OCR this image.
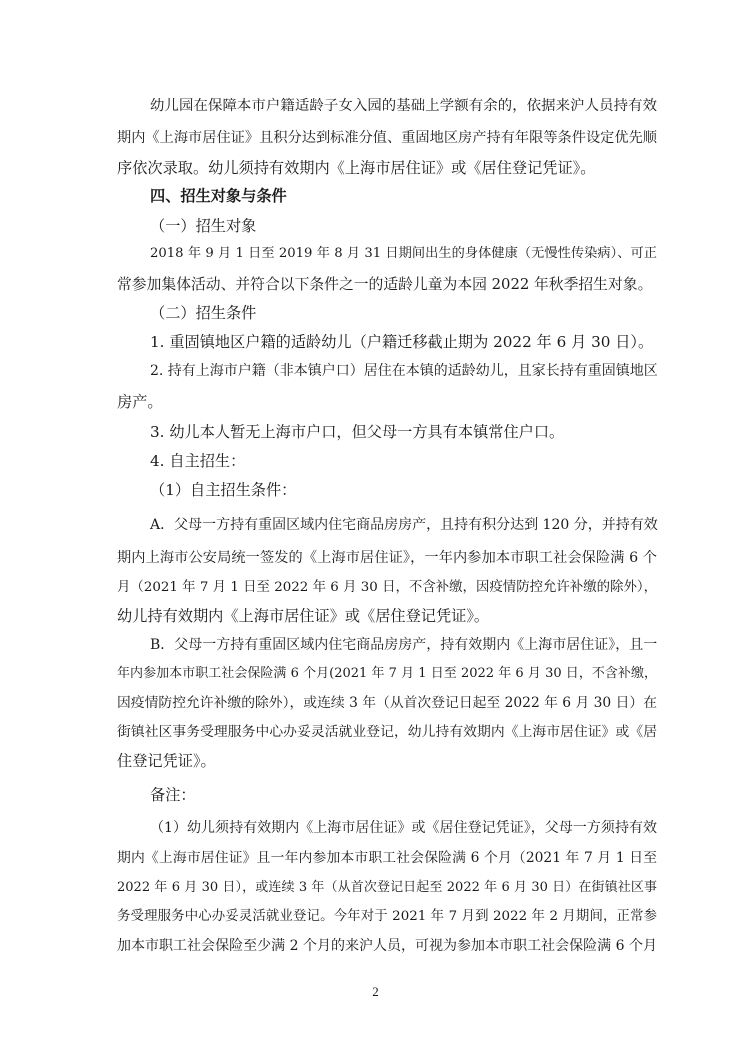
幼儿园在保障本市户籍适龄子女入园的基础上学额有余的，依据来沪人员持有效
期内《上海市居住证》且积分达到标准分值、重固地区房产持有年限等条件设定优先顺
序依次录取。幼儿须持有效期内《上海市居住证》或《居住登记凭证》。
四、招生对象与条件
（一）招生对象
2018 年 9 月 1 日至 2019 年 8 月 31 日期间出生的身体健康（无慢性传染病）、可正
常参加集体活动、并符合以下条件之一的适龄儿童为本园 2022 年秋季招生对象。
（二）招生条件
1. 重固镇地区户籍的适龄幼儿（户籍迁移截止期为 2022 年 6 月 30 日）。
2. 持有上海市户籍（非本镇户口）居住在本镇的适龄幼儿，且家长持有重固镇地区
房产。
3. 幼儿本人暂无上海市户口，但父母一方具有本镇常住户口。
4. 自主招生：
（1）自主招生条件：
A．父母一方持有重固区域内住宅商品房房产，且持有积分达到 120 分，并持有效
期内上海市公安局统一签发的《上海市居住证》，一年内参加本市职工社会保险满 6 个
月（2021 年 7 月 1 日至 2022 年 6 月 30 日，不含补缴，因疫情防控允许补缴的除外），
幼儿持有效期内《上海市居住证》或《居住登记凭证》。
B．父母一方持有重固区域内住宅商品房房产，持有效期内《上海市居住证》，且一
年内参加本市职工社会保险满 6 个月(2021 年 7 月 1 日至 2022 年 6 月 30 日，不含补缴，
因疫情防控允许补缴的除外），或连续 3 年（从首次登记日起至 2022 年 6 月 30 日）在
街镇社区事务受理服务中心办妥灵活就业登记，幼儿持有效期内《上海市居住证》或《居
住登记凭证》。
备注：
（1）幼儿须持有效期内《上海市居住证》或《居住登记凭证》，父母一方须持有效
期内《上海市居住证》且一年内参加本市职工社会保险满 6 个月（2021 年 7 月 1 日至
2022 年 6 月 30 日），或连续 3 年（从首次登记日起至 2022 年 6 月 30 日）在街镇社区事
务受理服务中心办妥灵活就业登记。今年对于 2021 年 7 月到 2022 年 2 月期间，正常参
加本市职工社会保险至少满 2 个月的来沪人员，可视为参加本市职工社会保险满 6 个月
2
